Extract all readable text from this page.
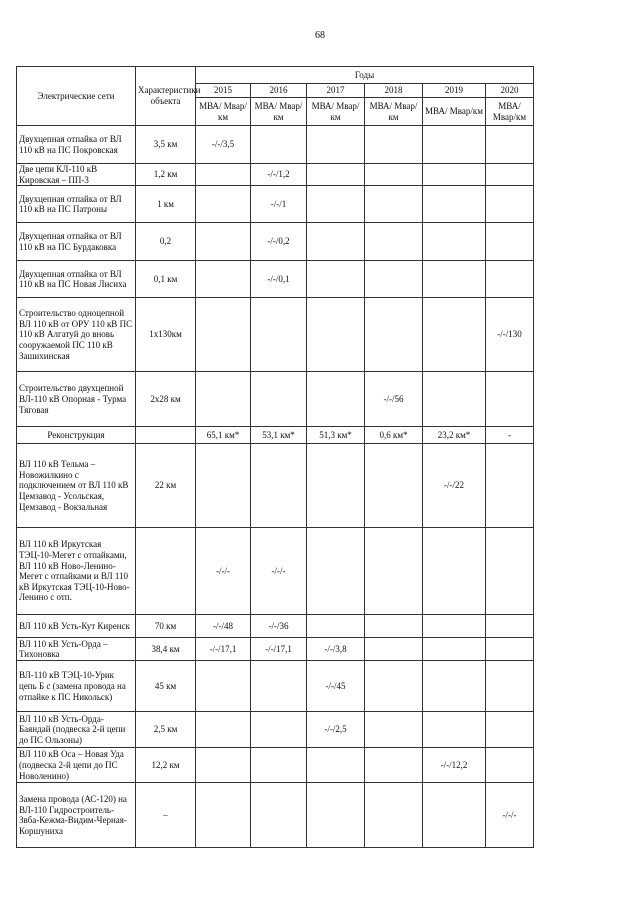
68
Электрические сети	Характеристики объекта	Годы					
		2015	2016	2017	2018	2019	2020
		МВА/ Мвар/км	МВА/ Мвар/км	МВА/ Мвар/км	МВА/ Мвар/км	МВА/ Мвар/км	МВА/ Мвар/км
Двухцепная отпайка от ВЛ 110 кВ на ПС Покровская	3,5 км	-/-/3,5					
Две цепи КЛ-110 кВ Кировская – ПП-3	1,2 км		-/-/1,2				
Двухцепная отпайка от ВЛ 110 кВ на ПС Патроны	1 км		-/-/1				
Двухцепная отпайка от ВЛ 110 кВ на ПС Бурдаковка	0,2		-/-/0,2				
Двухцепная отпайка от ВЛ 110 кВ на ПС Новая Лисиха	0,1 км		-/-/0,1				
Строительство одноцепной ВЛ 110 кВ от ОРУ 110 кВ ПС 110 кВ Алгатуй до вновь сооружаемой ПС 110 кВ Зашихинская	1х130км						-/-/130
Строительство двухцепной ВЛ-110 кВ Опорная - Турма Тяговая	2х28 км				-/-/56		
Реконструкция		65,1 км*	53,1 км*	51,3 км*	0,6 км*	23,2 км*	-
ВЛ 110 кВ Тельма – Новожилкино с подключением от ВЛ 110 кВ Цемзавод - Усольская, Цемзавод - Вокзальная	22 км					-/-/22	
ВЛ 110 кВ Иркутская ТЭЦ-10-Мегет с отпайками, ВЛ 110 кВ Ново-Ленино-Мегет с отпайками и ВЛ 110 кВ Иркутская ТЭЦ-10-Ново-Ленино с отп.		-/-/-	-/-/-				
ВЛ 110 кВ Усть-Кут Киренск	70 км	-/-/48	-/-/36				
ВЛ 110 кВ Усть-Орда – Тихоновка	38,4 км	-/-/17,1	-/-/17,1	-/-/3,8			
ВЛ-110 кВ ТЭЦ-10-Урик цепь Б с (замена провода на отпайке к ПС Никольск)	45 км			-/-/45			
ВЛ 110 кВ Усть-Орда-Баяндай (подвеска 2-й цепи до ПС Ользоны)	2,5 км			-/-/2,5			
ВЛ 110 кВ Оса – Новая Уда (подвеска 2-й цепи до ПС Новоленино)	12,2 км					-/-/12,2	
Замена провода (АС-120) на ВЛ-110 Гидростроитель-Звба-Кежма-Видим-Черная-Коршуниха	–						-/-/-
